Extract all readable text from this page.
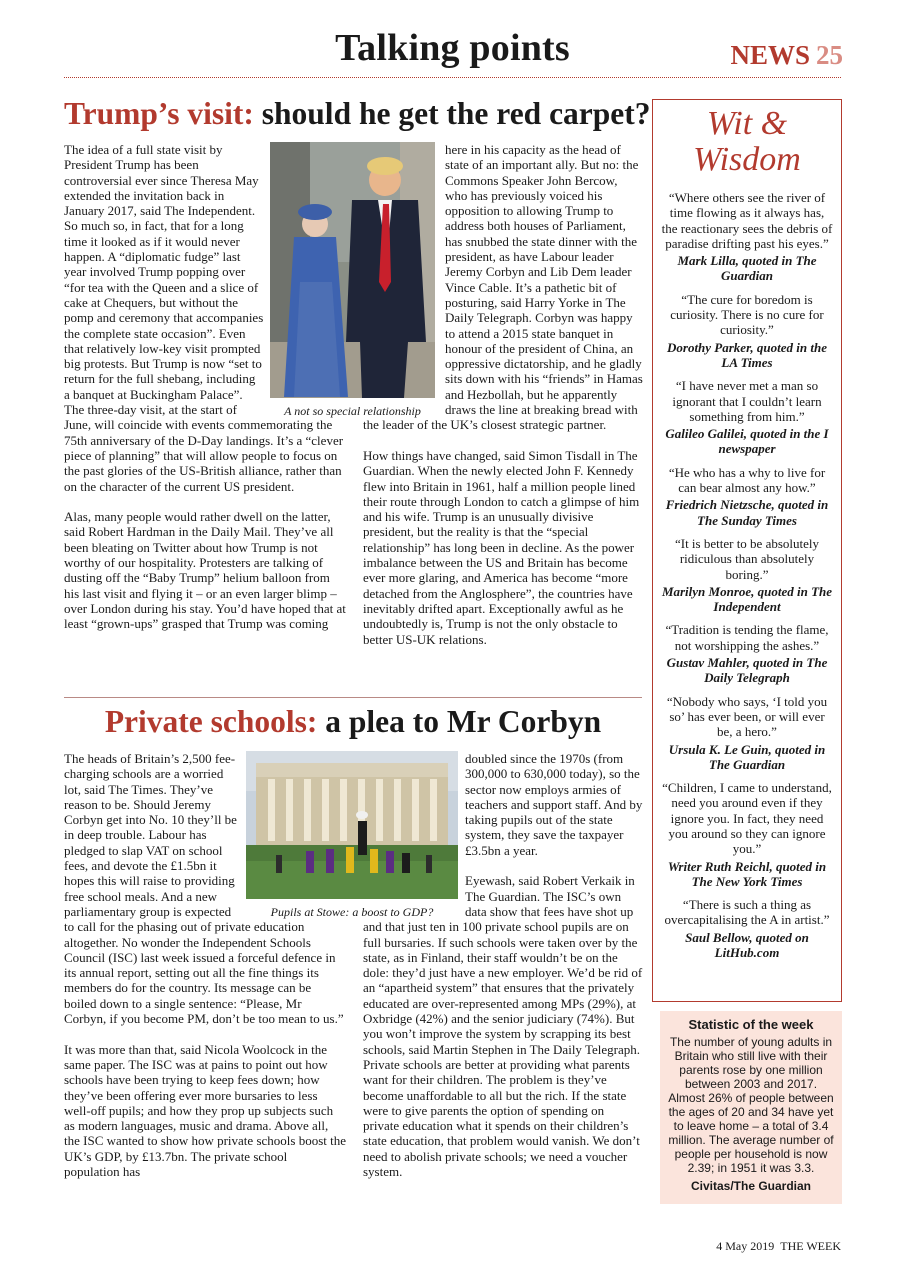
Talking points	NEWS 25
Trump’s visit: should he get the red carpet?
A not so special relationship

The idea of a full state visit by President Trump has been controversial ever since Theresa May extended the invitation back in January 2017, said The Independent. So much so, in fact, that for a long time it looked as if it would never happen. A “diplomatic fudge” last year involved Trump popping over “for tea with the Queen and a slice of cake at Chequers, but without the pomp and ceremony that accompanies the complete state occasion”. Even that relatively low-key visit prompted big protests. But Trump is now “set to return for the full shebang, including a banquet at Buckingham Palace”. The three-day visit, at the start of June, will coincide with events commemorating the 75th anniversary of the D-Day landings. It’s a “clever piece of planning” that will allow people to focus on the past glories of the US-British alliance, rather than on the character of the current US president.

Alas, many people would rather dwell on the latter, said Robert Hardman in the Daily Mail. They’ve all been bleating on Twitter about how Trump is not worthy of our hospitality. Protesters are talking of dusting off the “Baby Trump” helium balloon from his last visit and flying it – or an even larger blimp – over London during his stay. You’d have hoped that at least “grown-ups” grasped that Trump was coming

here in his capacity as the head of state of an important ally. But no: the Commons Speaker John Bercow, who has previously voiced his opposition to allowing Trump to address both houses of Parliament, has snubbed the state dinner with the president, as have Labour leader Jeremy Corbyn and Lib Dem leader Vince Cable. It’s a pathetic bit of posturing, said Harry Yorke in The Daily Telegraph. Corbyn was happy to attend a 2015 state banquet in honour of the president of China, an oppressive dictatorship, and he gladly sits down with his “friends” in Hamas and Hezbollah, but he apparently draws the line at breaking bread with the leader of the UK’s closest strategic partner.

How things have changed, said Simon Tisdall in The Guardian. When the newly elected John F. Kennedy flew into Britain in 1961, half a million people lined their route through London to catch a glimpse of him and his wife. Trump is an unusually divisive president, but the reality is that the “special relationship” has long been in decline. As the power imbalance between the US and Britain has become ever more glaring, and America has become “more detached from the Anglosphere”, the countries have inevitably drifted apart. Exceptionally awful as he undoubtedly is, Trump is not the only obstacle to better US-UK relations.

Private schools: a plea to Mr Corbyn
Pupils at Stowe: a boost to GDP?

The heads of Britain’s 2,500 fee-charging schools are a worried lot, said The Times. They’ve reason to be. Should Jeremy Corbyn get into No. 10 they’ll be in deep trouble. Labour has pledged to slap VAT on school fees, and devote the £1.5bn it hopes this will raise to providing free school meals. And a new parliamentary group is expected to call for the phasing out of private education altogether. No wonder the Independent Schools Council (ISC) last week issued a forceful defence in its annual report, setting out all the fine things its members do for the country. Its message can be boiled down to a single sentence: “Please, Mr Corbyn, if you become PM, don’t be too mean to us.”

It was more than that, said Nicola Woolcock in the same paper. The ISC was at pains to point out how schools have been trying to keep fees down; how they’ve been offering ever more bursaries to less well-off pupils; and how they prop up subjects such as modern languages, music and drama. Above all, the ISC wanted to show how private schools boost the UK’s GDP, by £13.7bn. The private school population has

doubled since the 1970s (from 300,000 to 630,000 today), so the sector now employs armies of teachers and support staff. And by taking pupils out of the state system, they save the taxpayer £3.5bn a year.

Eyewash, said Robert Verkaik in The Guardian. The ISC’s own data show that fees have shot up and that just ten in 100 private school pupils are on full bursaries. If such schools were taken over by the state, as in Finland, their staff wouldn’t be on the dole: they’d just have a new employer. We’d be rid of an “apartheid system” that ensures that the privately educated are over-represented among MPs (29%), at Oxbridge (42%) and the senior judiciary (74%). But you won’t improve the system by scrapping its best schools, said Martin Stephen in The Daily Telegraph. Private schools are better at providing what parents want for their children. The problem is they’ve become unaffordable to all but the rich. If the state were to give parents the option of spending on private education what it spends on their children’s state education, that problem would vanish. We don’t need to abolish private schools; we need a voucher system.

Wit &
Wisdom
“Where others see the river of time flowing as it always has, the reactionary sees the debris of paradise drifting past his eyes.”
Mark Lilla, quoted in The Guardian
“The cure for boredom is curiosity. There is no cure for curiosity.”
Dorothy Parker, quoted in the LA Times
“I have never met a man so ignorant that I couldn’t learn something from him.”
Galileo Galilei, quoted in the I newspaper
“He who has a why to live for can bear almost any how.”
Friedrich Nietzsche, quoted in The Sunday Times
“It is better to be absolutely ridiculous than absolutely boring.”
Marilyn Monroe, quoted in The Independent
“Tradition is tending the flame, not worshipping the ashes.”
Gustav Mahler, quoted in The Daily Telegraph
“Nobody who says, ‘I told you so’ has ever been, or will ever be, a hero.”
Ursula K. Le Guin, quoted in The Guardian
“Children, I came to understand, need you around even if they ignore you. In fact, they need you around so they can ignore you.”
Writer Ruth Reichl, quoted in The New York Times
“There is such a thing as overcapitalising the A in artist.”
Saul Bellow, quoted on LitHub.com
Statistic of the week
The number of young adults in Britain who still live with their parents rose by one million between 2003 and 2017. Almost 26% of people between the ages of 20 and 34 have yet to leave home – a total of 3.4 million. The average number of people per household is now 2.39; in 1951 it was 3.3.
Civitas/The Guardian
4 May 2019 THE WEEK
